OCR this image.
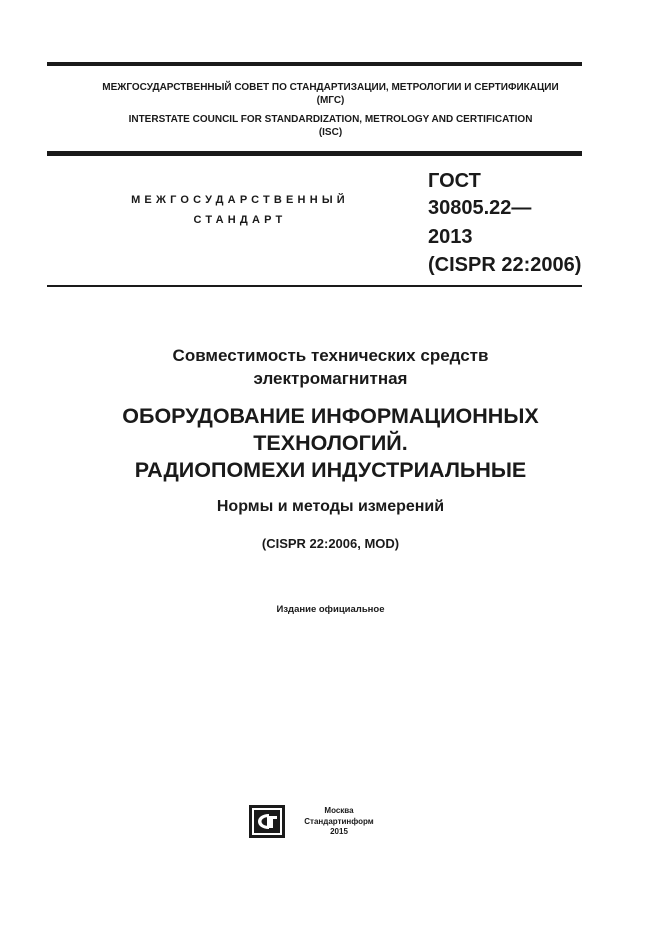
МЕЖГОСУДАРСТВЕННЫЙ СОВЕТ ПО СТАНДАРТИЗАЦИИ, МЕТРОЛОГИИ И СЕРТИФИКАЦИИ
(МГС)
INTERSTATE COUNCIL FOR STANDARDIZATION, METROLOGY AND CERTIFICATION
(ISC)
МЕЖГОСУДАРСТВЕННЫЙ
СТАНДАРТ
ГОСТ
30805.22—
2013
(CISPR 22:2006)
Совместимость технических средств
электромагнитная
ОБОРУДОВАНИЕ ИНФОРМАЦИОННЫХ
ТЕХНОЛОГИЙ.
РАДИОПОМЕХИ ИНДУСТРИАЛЬНЫЕ
Нормы и методы измерений
(CISPR 22:2006, MOD)
Издание официальное
Москва
Стандартинформ
2015
